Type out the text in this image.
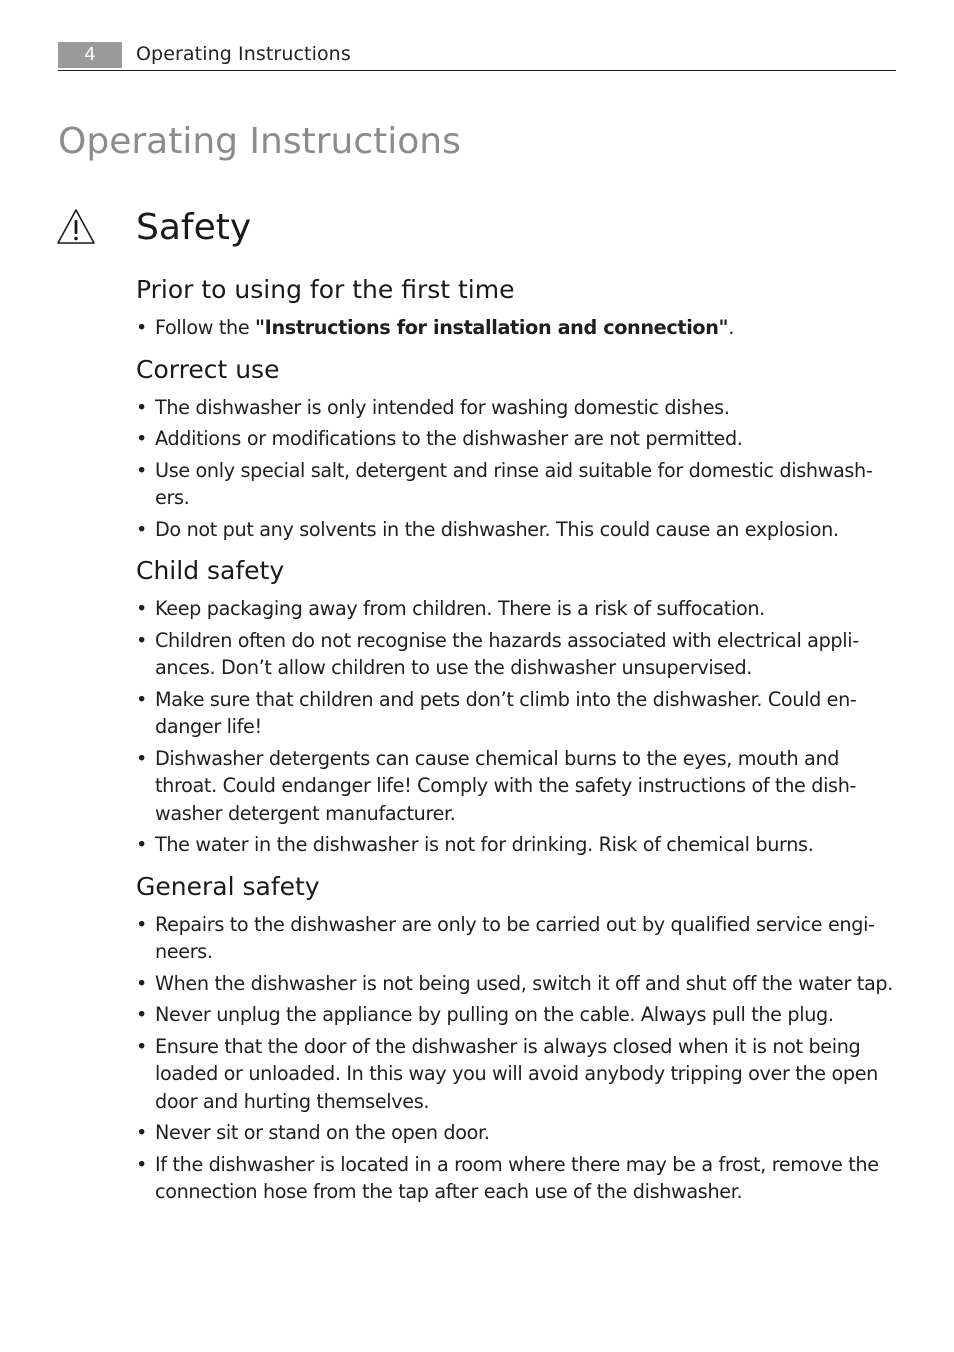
4	Operating Instructions
Operating Instructions
Safety
Prior to using for the first time
• Follow the "Instructions for installation and connection".
Correct use
• The dishwasher is only intended for washing domestic dishes.
• Additions or modifications to the dishwasher are not permitted.
• Use only special salt, detergent and rinse aid suitable for domestic dishwash-ers.
• Do not put any solvents in the dishwasher. This could cause an explosion.
Child safety
• Keep packaging away from children. There is a risk of suffocation.
• Children often do not recognise the hazards associated with electrical appli-ances. Don’t allow children to use the dishwasher unsupervised.
• Make sure that children and pets don’t climb into the dishwasher. Could en-danger life!
• Dishwasher detergents can cause chemical burns to the eyes, mouth and throat. Could endanger life! Comply with the safety instructions of the dish-washer detergent manufacturer.
• The water in the dishwasher is not for drinking. Risk of chemical burns.
General safety
• Repairs to the dishwasher are only to be carried out by qualified service engi-neers.
• When the dishwasher is not being used, switch it off and shut off the water tap.
• Never unplug the appliance by pulling on the cable. Always pull the plug.
• Ensure that the door of the dishwasher is always closed when it is not being loaded or unloaded. In this way you will avoid anybody tripping over the open door and hurting themselves.
• Never sit or stand on the open door.
• If the dishwasher is located in a room where there may be a frost, remove the connection hose from the tap after each use of the dishwasher.
